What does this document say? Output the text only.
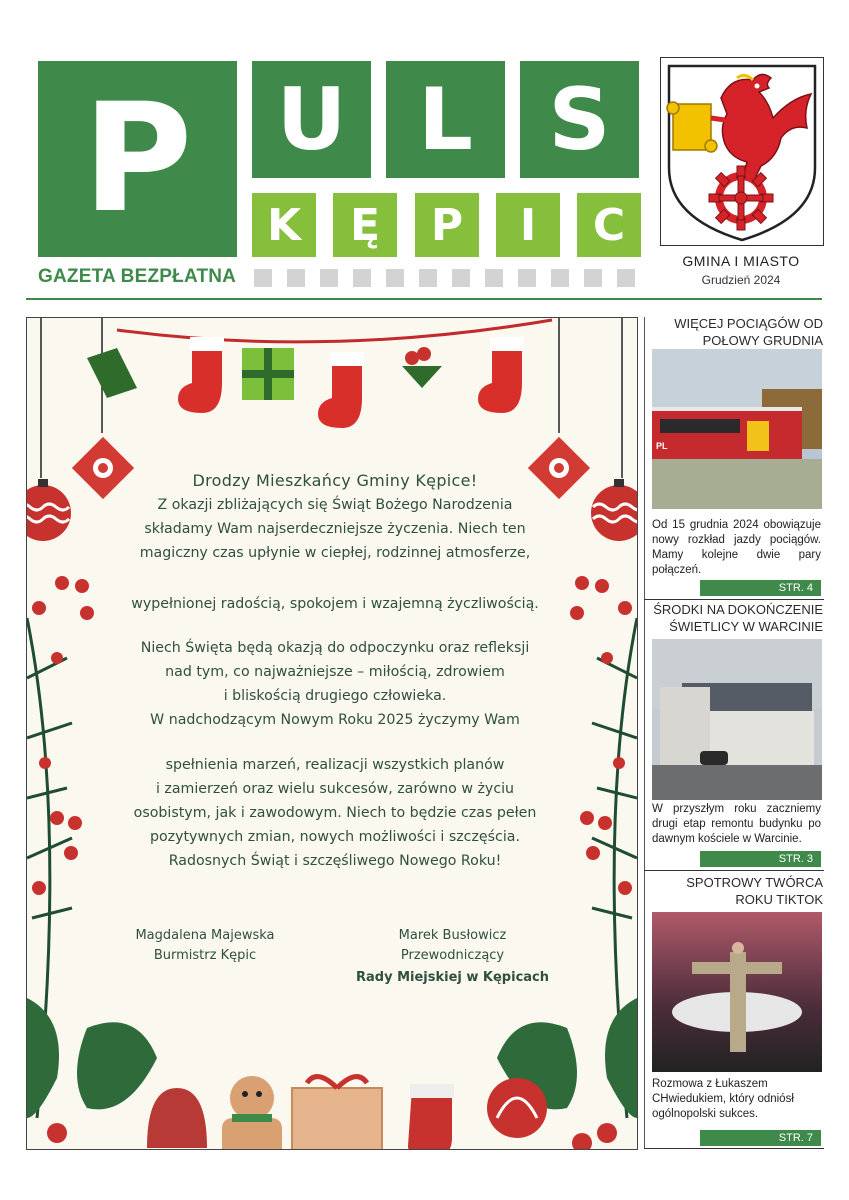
P U L S
K	Ę	P	I	C
GAZETA BEZPŁATNA
GMINA I MIASTO
Grudzień 2024
Drodzy Mieszkańcy Gminy Kępice!
Z okazji zbliżających się Świąt Bożego Narodzenia
składamy Wam najserdeczniejsze życzenia. Niech ten
magiczny czas upłynie w ciepłej, rodzinnej atmosferze,
wypełnionej radością, spokojem i wzajemną życzliwością.
Niech Święta będą okazją do odpoczynku oraz refleksji
nad tym, co najważniejsze – miłością, zdrowiem
i bliskością drugiego człowieka.
W nadchodzącym Nowym Roku 2025 życzymy Wam
spełnienia marzeń, realizacji wszystkich planów
i zamierzeń oraz wielu sukcesów, zarówno w życiu
osobistym, jak i zawodowym. Niech to będzie czas pełen
pozytywnych zmian, nowych możliwości i szczęścia.
Radosnych Świąt i szczęśliwego Nowego Roku!
Magdalena Majewska
Burmistrz Kępic
Marek Busłowicz
Przewodniczący
Rady Miejskiej w Kępicach
WIĘCEJ POCIĄGÓW OD POŁOWY GRUDNIA
PL
Od 15 grudnia 2024 obowiązuje nowy rozkład jazdy pociągów. Mamy kolejne dwie pary połączeń.
STR. 4
ŚRODKI NA DOKOŃCZENIE ŚWIETLICY W WARCINIE
W przyszłym roku zaczniemy drugi etap remontu budynku po dawnym kościele w Warcinie.
STR. 3
SPOTROWY TWÓRCA ROKU TIKTOK
Rozmowa z Łukaszem CHwiedukiem, który odniósł ogólnopolski sukces.
STR. 7
